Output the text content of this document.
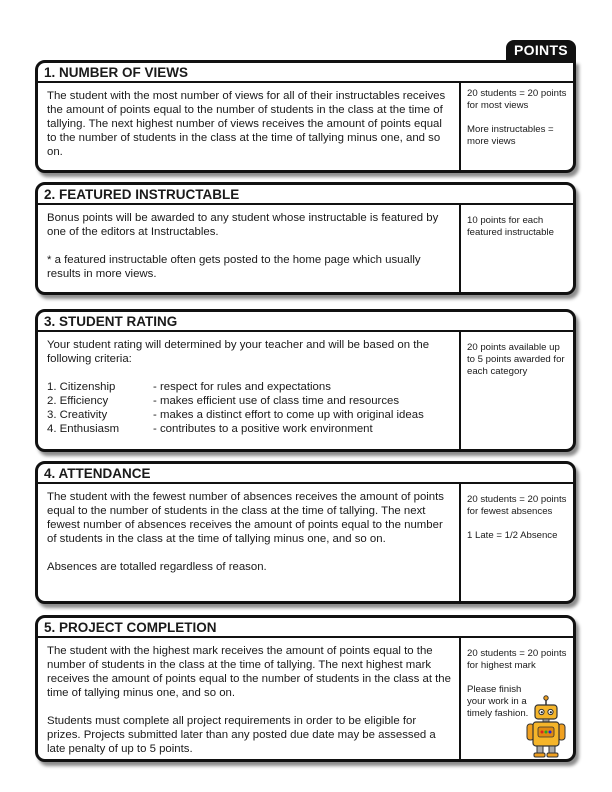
POINTS
1. NUMBER OF VIEWS

The student with the most number of views for all of their instructables receives the amount of points equal to the number of students in the class at the time of tallying. The next highest number of views receives the amount of points equal to the number of students in the class at the time of tallying minus one, and so on.

20 students = 20 points for most views

More instructables = more views

2. FEATURED INSTRUCTABLE

Bonus points will be awarded to any student whose instructable is featured by one of the editors at Instructables.

* a featured instructable often gets posted to the home page which usually results in more views.

10 points for each featured instructable

3. STUDENT RATING

Your student rating will determined by your teacher and will be based on the following criteria:

1. Citizenship	- respect for rules and expectations
2. Efficiency	- makes efficient use of class time and resources
3. Creativity	- makes a distinct effort to come up with original ideas
4. Enthusiasm	- contributes to a positive work environment

20 points available up to 5 points awarded for each category

4. ATTENDANCE

The student with the fewest number of absences receives the amount of points equal to the number of students in the class at the time of tallying. The next fewest number of absences receives the amount of points equal to the number of students in the class at the time of tallying minus one, and so on.

Absences are totalled regardless of reason.

20 students = 20 points for fewest absences

1 Late = 1/2 Absence

5. PROJECT COMPLETION

The student with the highest mark receives the amount of points equal to the number of students in the class at the time of tallying. The next highest mark receives the amount of points equal to the number of students in the class at the time of tallying minus one, and so on.

Students must complete all project requirements in order to be eligible for prizes. Projects submitted later than any posted due date may be assessed a late penalty of up to 5 points.

20 students = 20 points for highest mark

Please finish your work in a timely fashion.
